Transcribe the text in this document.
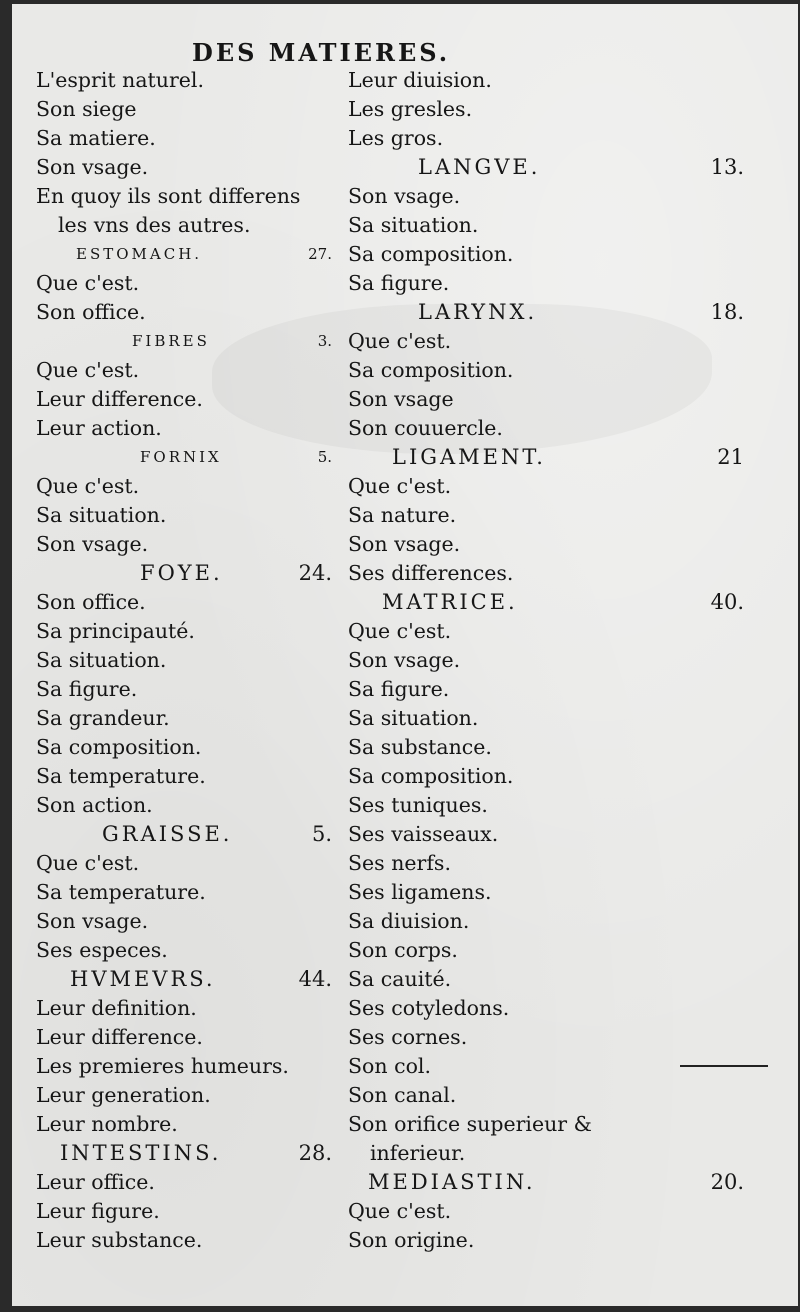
DES MATIERES.
L'esprit naturel.
Son siege
Sa matiere.
Son vsage.
En quoy ils sont differens
les vns des autres.
ESTOMACH.	27.
Que c'est.
Son office.
FIBRES	3.
Que c'est.
Leur difference.
Leur action.
FORNIX	5.
Que c'est.
Sa situation.
Son vsage.
FOYE.	24.
Son office.
Sa principauté.
Sa situation.
Sa figure.
Sa grandeur.
Sa composition.
Sa temperature.
Son action.
GRAISSE.	5.
Que c'est.
Sa temperature.
Son vsage.
Ses especes.
HVMEVRS.	44.
Leur definition.
Leur difference.
Les premieres humeurs.
Leur generation.
Leur nombre.
INTESTINS.	28.
Leur office.
Leur figure.
Leur substance.
Leur diuision.
Les gresles.
Les gros.
LANGVE.	13.
Son vsage.
Sa situation.
Sa composition.
Sa figure.
LARYNX.	18.
Que c'est.
Sa composition.
Son vsage
Son couuercle.
LIGAMENT.	21
Que c'est.
Sa nature.
Son vsage.
Ses differences.
MATRICE.	40.
Que c'est.
Son vsage.
Sa figure.
Sa situation.
Sa substance.
Sa composition.
Ses tuniques.
Ses vaisseaux.
Ses nerfs.
Ses ligamens.
Sa diuision.
Son corps.
Sa cauité.
Ses cotyledons.
Ses cornes.
Son col.
Son canal.
Son orifice superieur &
inferieur.
MEDIASTIN.	20.
Que c'est.
Son origine.
